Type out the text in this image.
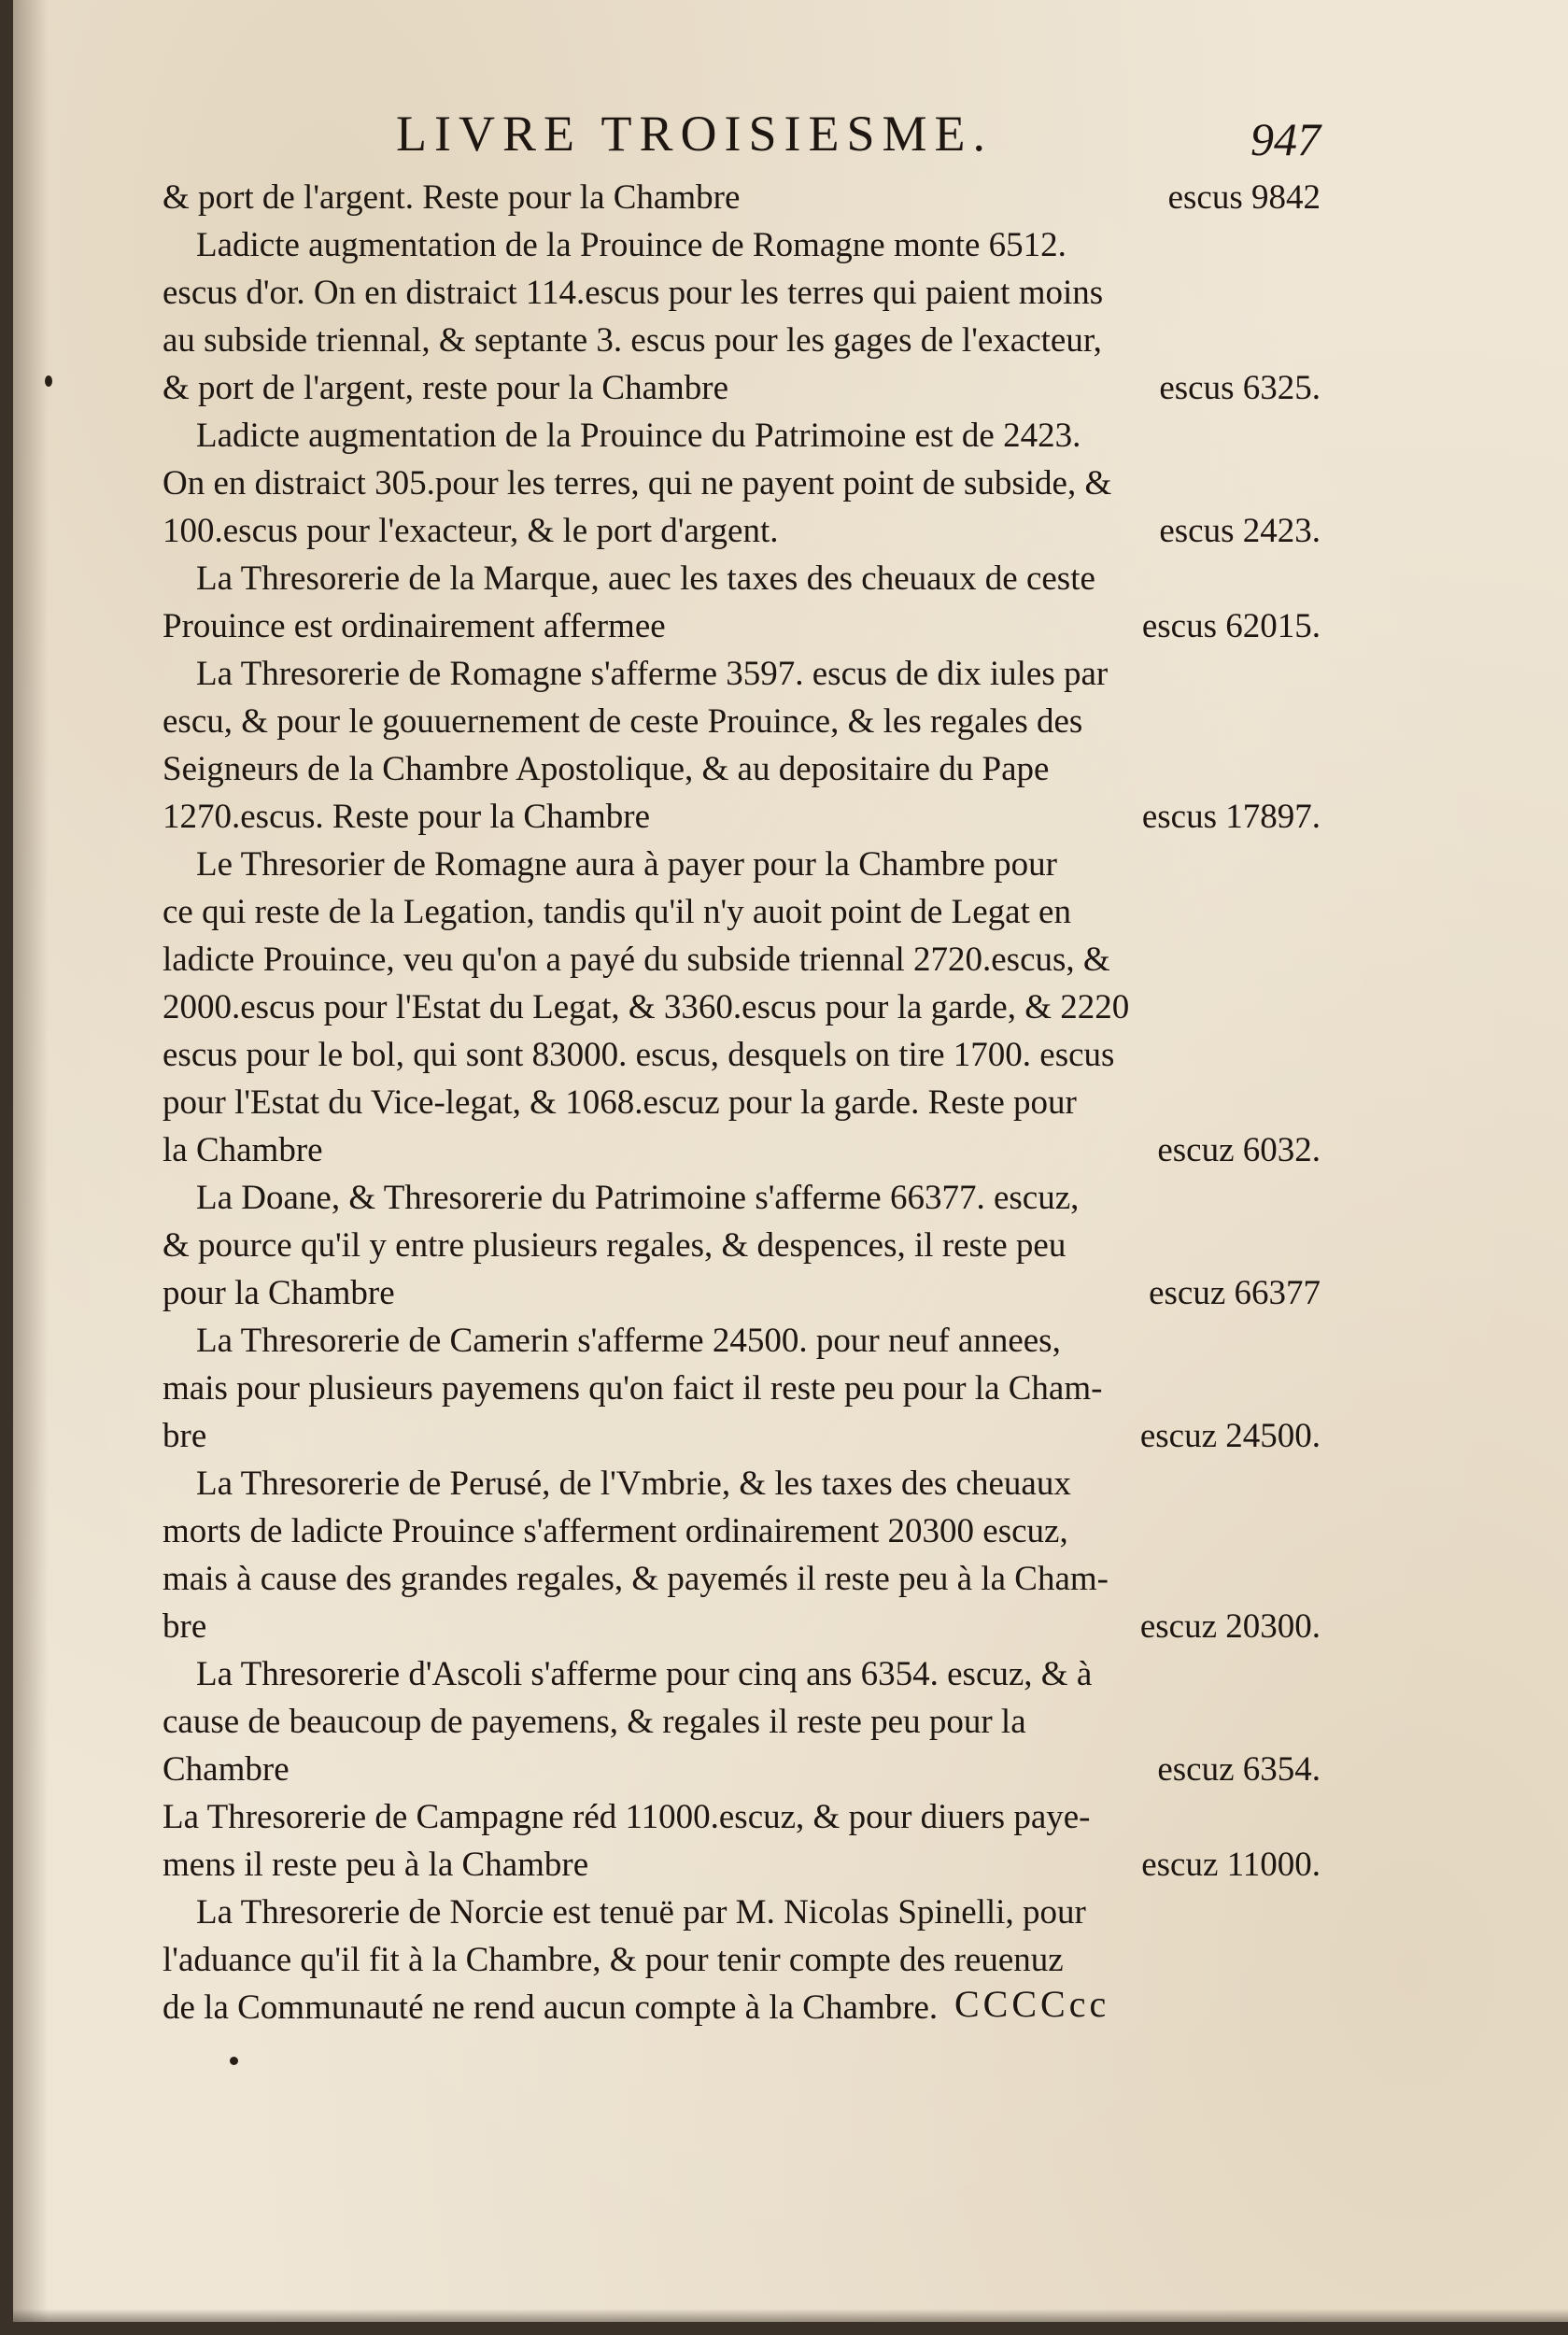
LIVRE TROISIESME.	947
& port de l'argent. Reste pour la Chambre	escus 9842
Ladicte augmentation de la Prouince de Romagne monte 6512.
escus d'or. On en distraict 114.escus pour les terres qui paient moins
au subside triennal, & septante 3. escus pour les gages de l'exacteur,
& port de l'argent, reste pour la Chambre	escus 6325.
Ladicte augmentation de la Prouince du Patrimoine est de 2423.
On en distraict 305.pour les terres, qui ne payent point de subside, &
100.escus pour l'exacteur, & le port d'argent.	escus 2423.
La Thresorerie de la Marque, auec les taxes des cheuaux de ceste
Prouince est ordinairement affermee	escus 62015.
La Thresorerie de Romagne s'afferme 3597. escus de dix iules par
escu, & pour le gouuernement de ceste Prouince, & les regales des
Seigneurs de la Chambre Apostolique, & au depositaire du Pape
1270.escus. Reste pour la Chambre	escus 17897.
Le Thresorier de Romagne aura à payer pour la Chambre pour
ce qui reste de la Legation, tandis qu'il n'y auoit point de Legat en
ladicte Prouince, veu qu'on a payé du subside triennal 2720.escus, &
2000.escus pour l'Estat du Legat, & 3360.escus pour la garde, & 2220
escus pour le bol, qui sont 83000. escus, desquels on tire 1700. escus
pour l'Estat du Vice-legat, & 1068.escuz pour la garde. Reste pour
la Chambre	escuz 6032.
La Doane, & Thresorerie du Patrimoine s'afferme 66377. escuz,
& pource qu'il y entre plusieurs regales, & despences, il reste peu
pour la Chambre	escuz 66377
La Thresorerie de Camerin s'afferme 24500. pour neuf annees,
mais pour plusieurs payemens qu'on faict il reste peu pour la Cham-
bre	escuz 24500.
La Thresorerie de Perusé, de l'Vmbrie, & les taxes des cheuaux
morts de ladicte Prouince s'afferment ordinairement 20300 escuz,
mais à cause des grandes regales, & payemés il reste peu à la Cham-
bre	escuz 20300.
La Thresorerie d'Ascoli s'afferme pour cinq ans 6354. escuz, & à
cause de beaucoup de payemens, & regales il reste peu pour la
Chambre	escuz 6354.
La Thresorerie de Campagne réd 11000.escuz, & pour diuers paye-
mens il reste peu à la Chambre	escuz 11000.
La Thresorerie de Norcie est tenuë par M. Nicolas Spinelli, pour
l'aduance qu'il fit à la Chambre, & pour tenir compte des reuenuz
de la Communauté ne rend aucun compte à la Chambre. CCCCcc
